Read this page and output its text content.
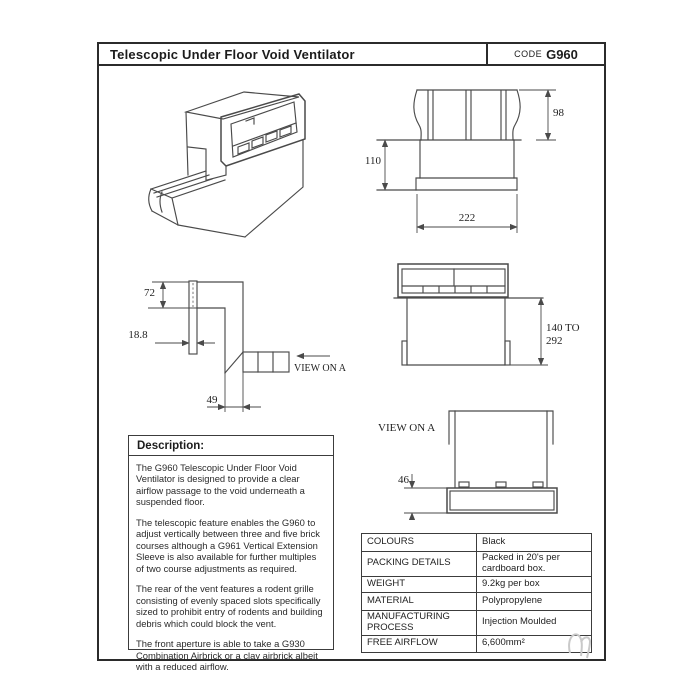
Telescopic Under Floor Void Ventilator	CODE G960
Description:

The G960 Telescopic Under Floor Void Ventilator is designed to provide a clear airflow passage to the void underneath a suspended floor.

The telescopic feature enables the G960 to adjust vertically between three and five brick courses although a G961 Vertical Extension Sleeve is also available for further multiples of two course adjustments as required.

The rear of the vent features a rodent grille consisting of evenly spaced slots specifically sized to prohibit entry of rodents and building debris which could block the vent.

The front aperture is able to take a G930 Combination Airbrick or a clay airbrick albeit with a reduced airflow.

COLOURS	Black
PACKING DETAILS	Packed in 20's per cardboard box.
WEIGHT	9.2kg per box
MATERIAL	Polypropylene
MANUFACTURING PROCESS	Injection Moulded
FREE AIRFLOW	6,600mm²
98
110
222
72
18.8
49
VIEW ON A
140 TO
292
VIEW ON A
46
